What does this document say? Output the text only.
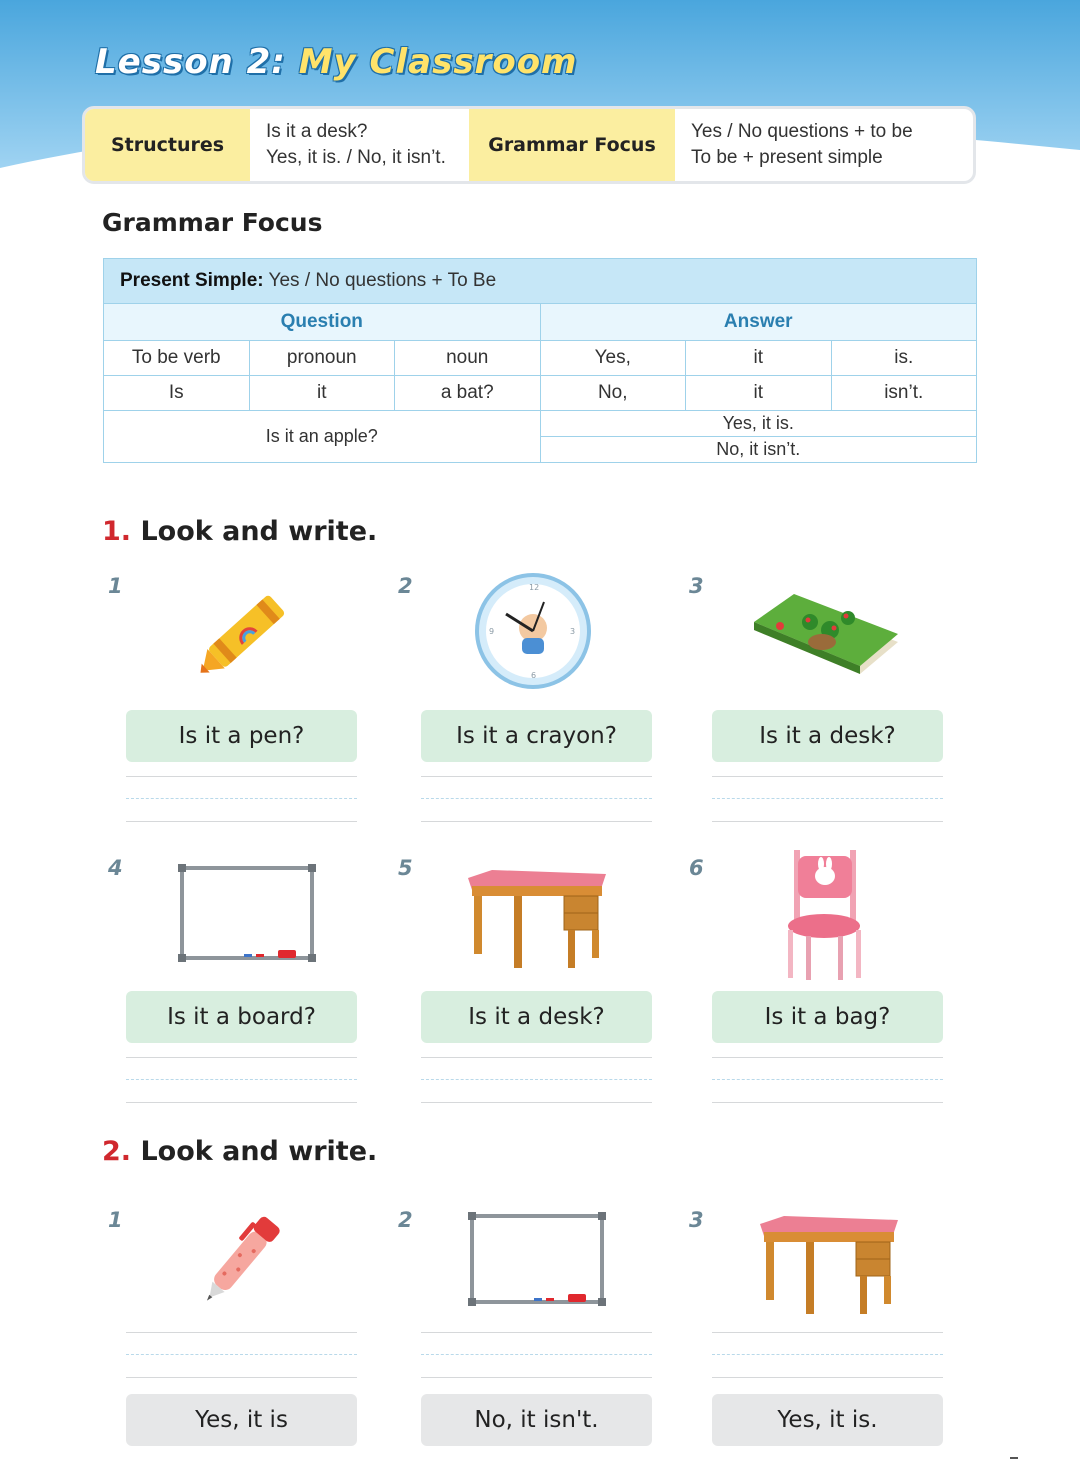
Lesson 2: My Classroom
Structures
Is it a desk?
Yes, it is. / No, it isn’t.
Grammar Focus
Yes / No questions + to be
To be + present simple
Grammar Focus
Present Simple: Yes / No questions + To Be					
Question			Answer		
To be verb	pronoun	noun	Yes,	it	is.
Is	it	a bat?	No,	it	isn’t.
Is it an apple?			Yes, it is.		
			No, it isn’t.		
1. Look and write.
1
Is it a pen?
2	12
3
6
9
Is it a crayon?
3
Is it a desk?
4
Is it a board?
5
Is it a desk?
6
Is it a bag?
2. Look and write.
1
Yes, it is
2
No, it isn't.
3
Yes, it is.
